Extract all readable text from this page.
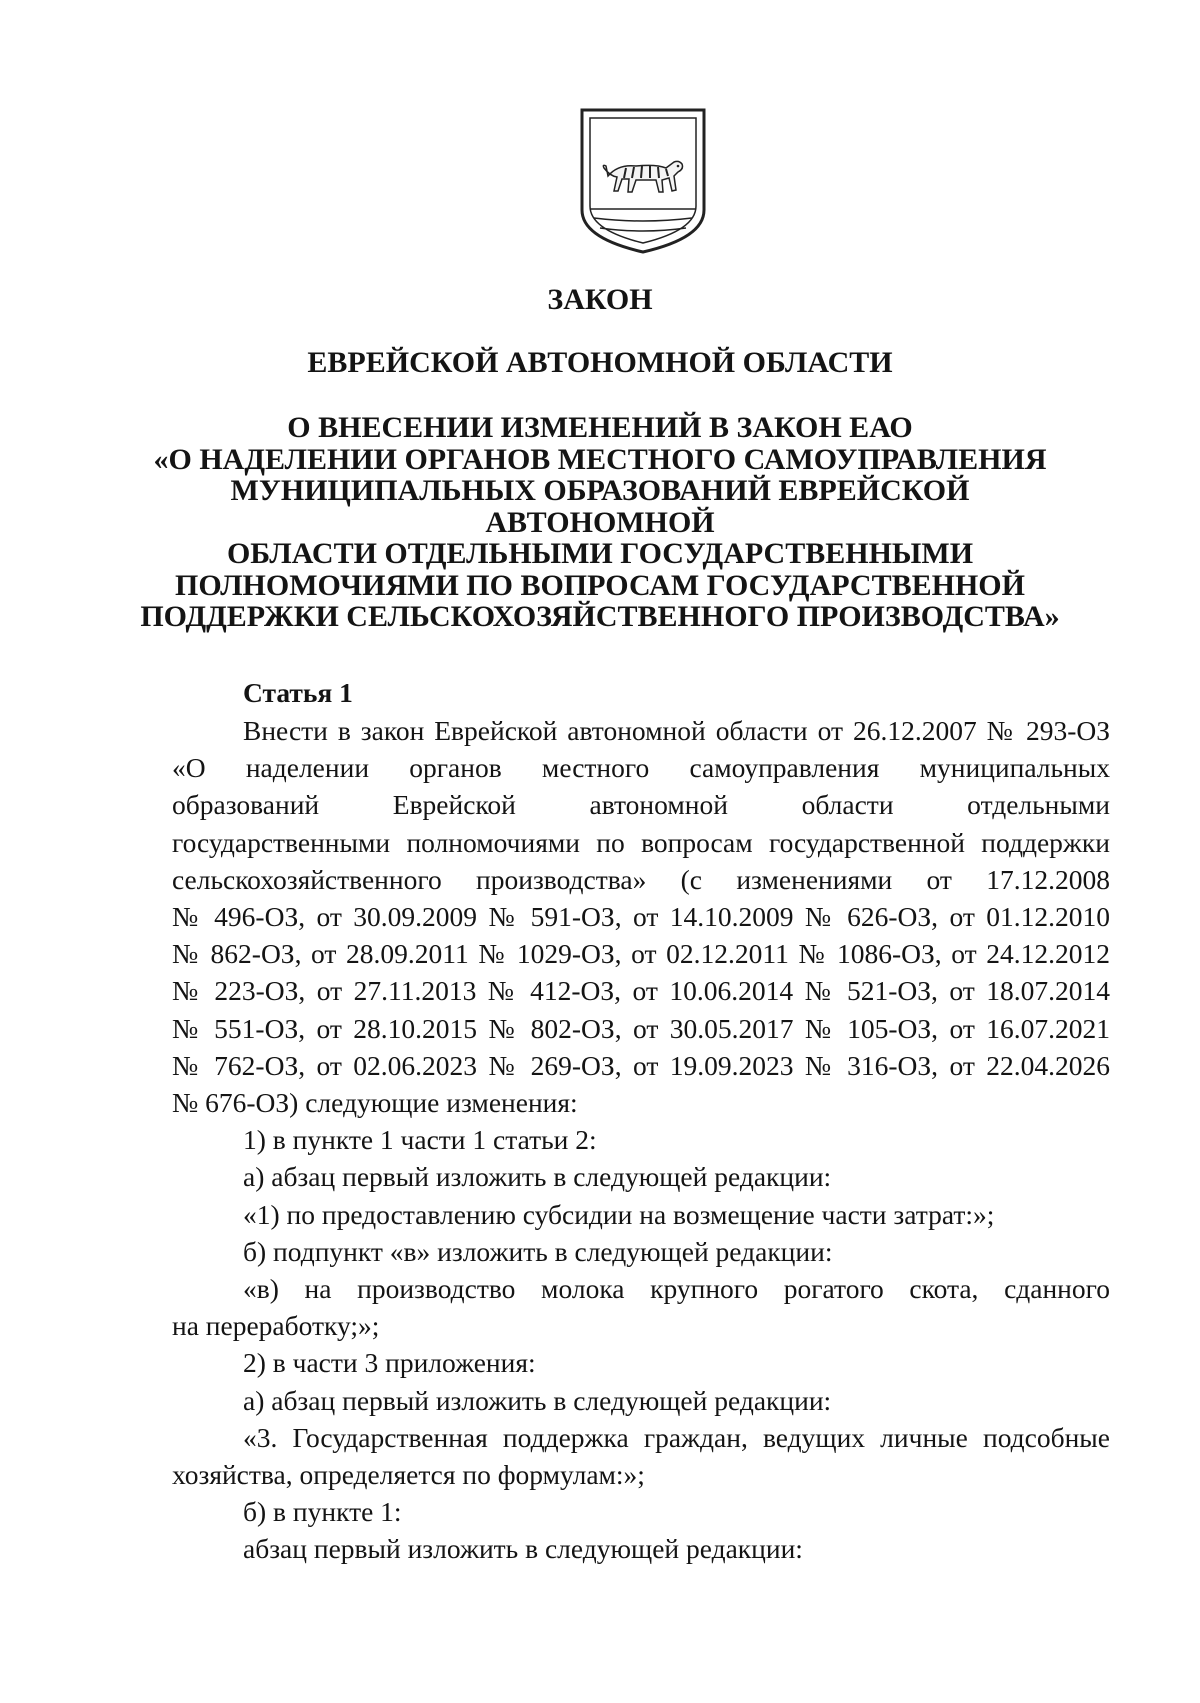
ЗАКОН
ЕВРЕЙСКОЙ АВТОНОМНОЙ ОБЛАСТИ
О ВНЕСЕНИИ ИЗМЕНЕНИЙ В ЗАКОН ЕАО
«О НАДЕЛЕНИИ ОРГАНОВ МЕСТНОГО САМОУПРАВЛЕНИЯ
МУНИЦИПАЛЬНЫХ ОБРАЗОВАНИЙ ЕВРЕЙСКОЙ АВТОНОМНОЙ
ОБЛАСТИ ОТДЕЛЬНЫМИ ГОСУДАРСТВЕННЫМИ
ПОЛНОМОЧИЯМИ ПО ВОПРОСАМ ГОСУДАРСТВЕННОЙ
ПОДДЕРЖКИ СЕЛЬСКОХОЗЯЙСТВЕННОГО ПРОИЗВОДСТВА»
Статья 1

Внести в закон Еврейской автономной области от 26.12.2007 № 293-ОЗ

«О наделении органов местного самоуправления муниципальных

образований Еврейской автономной области отдельными

государственными полномочиями по вопросам государственной поддержки

сельскохозяйственного производства» (с изменениями от 17.12.2008

№ 496-ОЗ, от 30.09.2009 № 591-ОЗ, от 14.10.2009 № 626-ОЗ, от 01.12.2010

№ 862-ОЗ, от 28.09.2011 № 1029-ОЗ, от 02.12.2011 № 1086-ОЗ, от 24.12.2012

№ 223-ОЗ, от 27.11.2013 № 412-ОЗ, от 10.06.2014 № 521-ОЗ, от 18.07.2014

№ 551-ОЗ, от 28.10.2015 № 802-ОЗ, от 30.05.2017 № 105-ОЗ, от 16.07.2021

№ 762-ОЗ, от 02.06.2023 № 269-ОЗ, от 19.09.2023 № 316-ОЗ, от 22.04.2026

№ 676-ОЗ) следующие изменения:

1) в пункте 1 части 1 статьи 2:

а) абзац первый изложить в следующей редакции:

«1) по предоставлению субсидии на возмещение части затрат:»;

б) подпункт «в» изложить в следующей редакции:

«в) на производство молока крупного рогатого скота, сданного

на переработку;»;

2) в части 3 приложения:

а) абзац первый изложить в следующей редакции:

«3. Государственная поддержка граждан, ведущих личные подсобные

хозяйства, определяется по формулам:»;

б) в пункте 1:

абзац первый изложить в следующей редакции:
